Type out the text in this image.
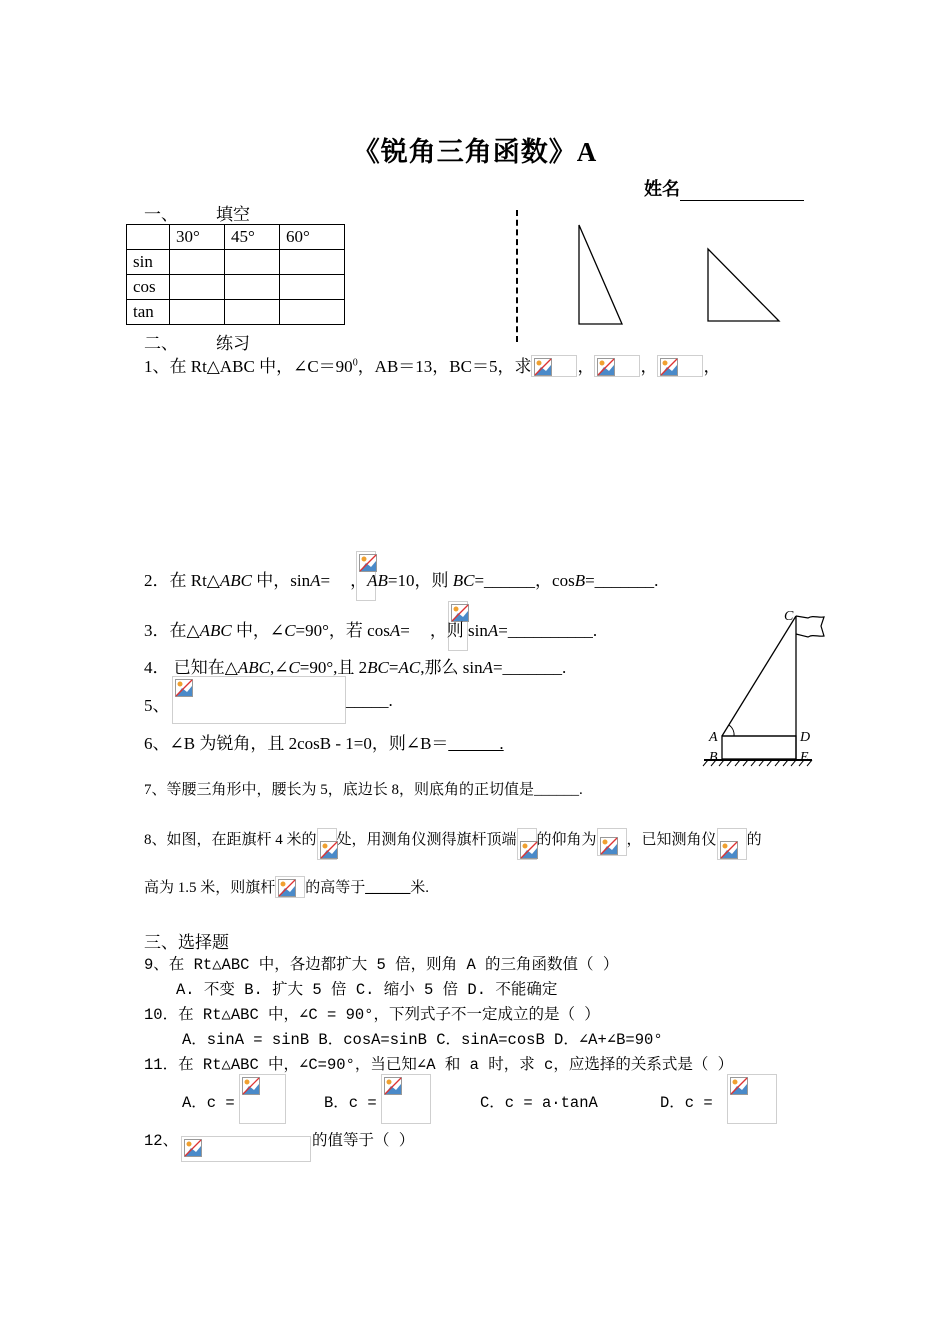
《锐角三角函数》A
姓名
一、 填空
	30°	45°	60°
sin			
cos			
tan			
二、 练习
1、在 Rt△ABC 中，$\angle C=90^0$，AB＝13，BC＝5，求	，	，	，
2．在 Rt△ABC 中，sinA= ，AB=10，则 BC=______，cosB=_______.
3．在△ABC 中，∠C=90°，若 cosA= ，则 sinA=__________.
4． 已知在△ABC,∠C=90°,且 2BC=AC,那么 sinA=_______.
5、	_____.
6、∠B 为锐角，且 2cosB - 1=0，则∠B＝______.
C
A	D
B	E
7、等腰三角形中，腰长为 5，底边长 8，则底角的正切值是______.
8、如图，在距旗杆 4 米的 处，用测角仪测得旗杆顶端 的仰角为 ，已知测角仪 的
高为 1.5 米，则旗杆 的高等于______米.
三、选择题
9、在 Rt△ABC 中，各边都扩大 5 倍，则角 A 的三角函数值（ ）
A. 不变 B. 扩大 5 倍 C. 缩小 5 倍 D. 不能确定
10．在 Rt△ABC 中，∠C = 90°，下列式子不一定成立的是（ ）
A．sinA = sinB B．cosA=sinB C．sinA=cosB D．∠A+∠B=90°
11．在 Rt△ABC 中，∠C=90°，当已知∠A 和 a 时，求 c，应选择的关系式是（ ）
A．c =	B．c =	C．c = a·tanA	D．c =
12、	的值等于（ ）
